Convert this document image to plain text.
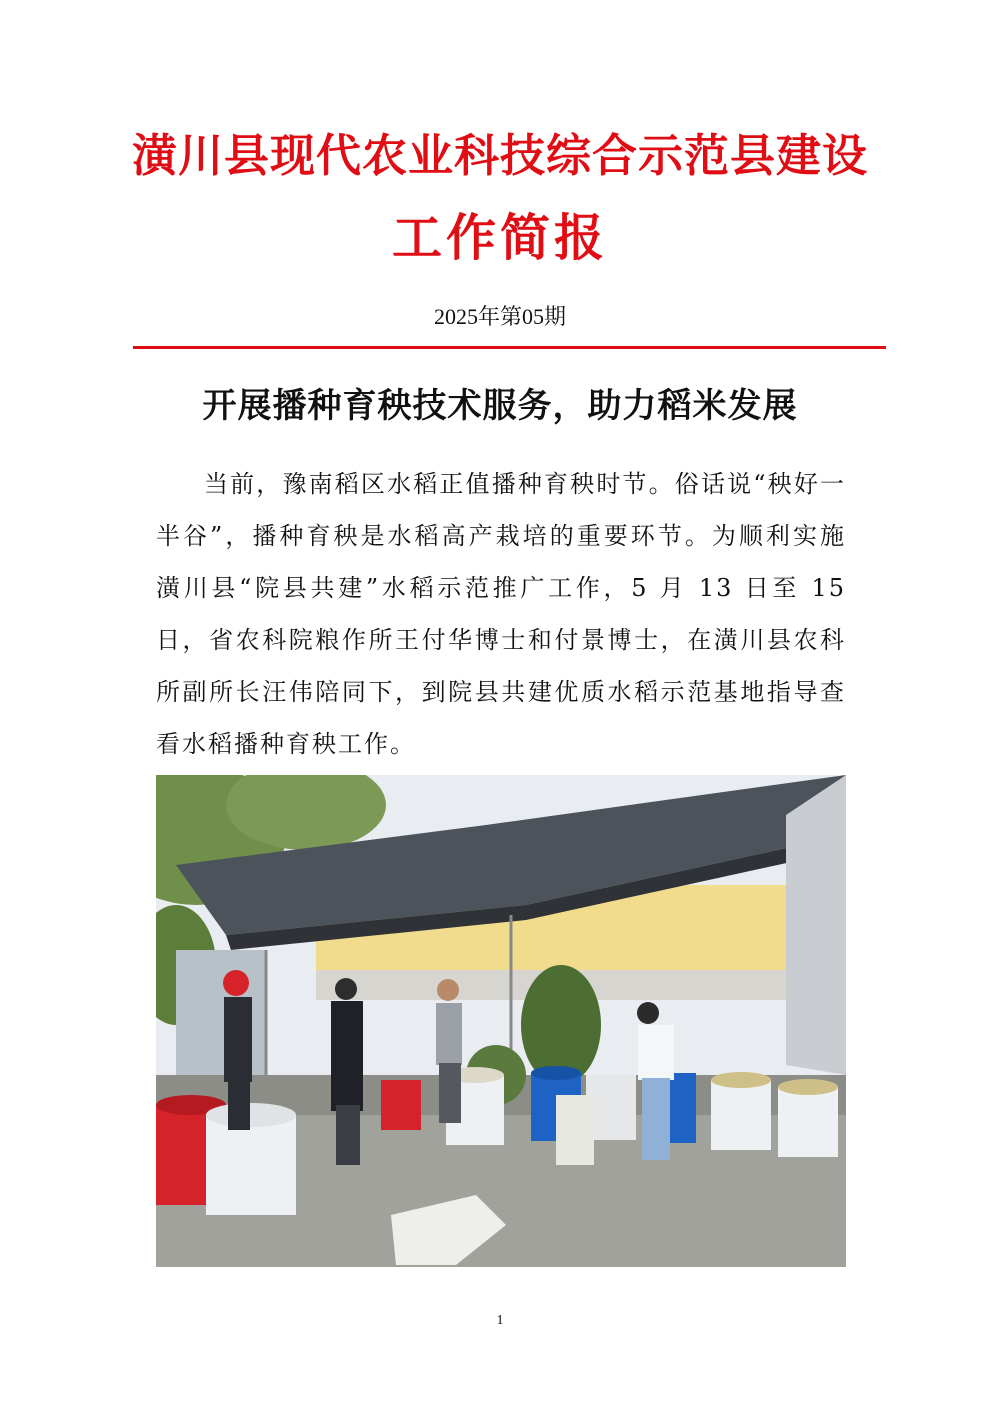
潢川县现代农业科技综合示范县建设
工作简报
2025年第05期
开展播种育秧技术服务，助力稻米发展
当前，豫南稻区水稻正值播种育秧时节。俗话说“秧好一半谷”，播种育秧是水稻高产栽培的重要环节。为顺利实施潢川县“院县共建”水稻示范推广工作，5 月 13 日至 15 日，省农科院粮作所王付华博士和付景博士，在潢川县农科所副所长汪伟陪同下，到院县共建优质水稻示范基地指导查看水稻播种育秧工作。
1
